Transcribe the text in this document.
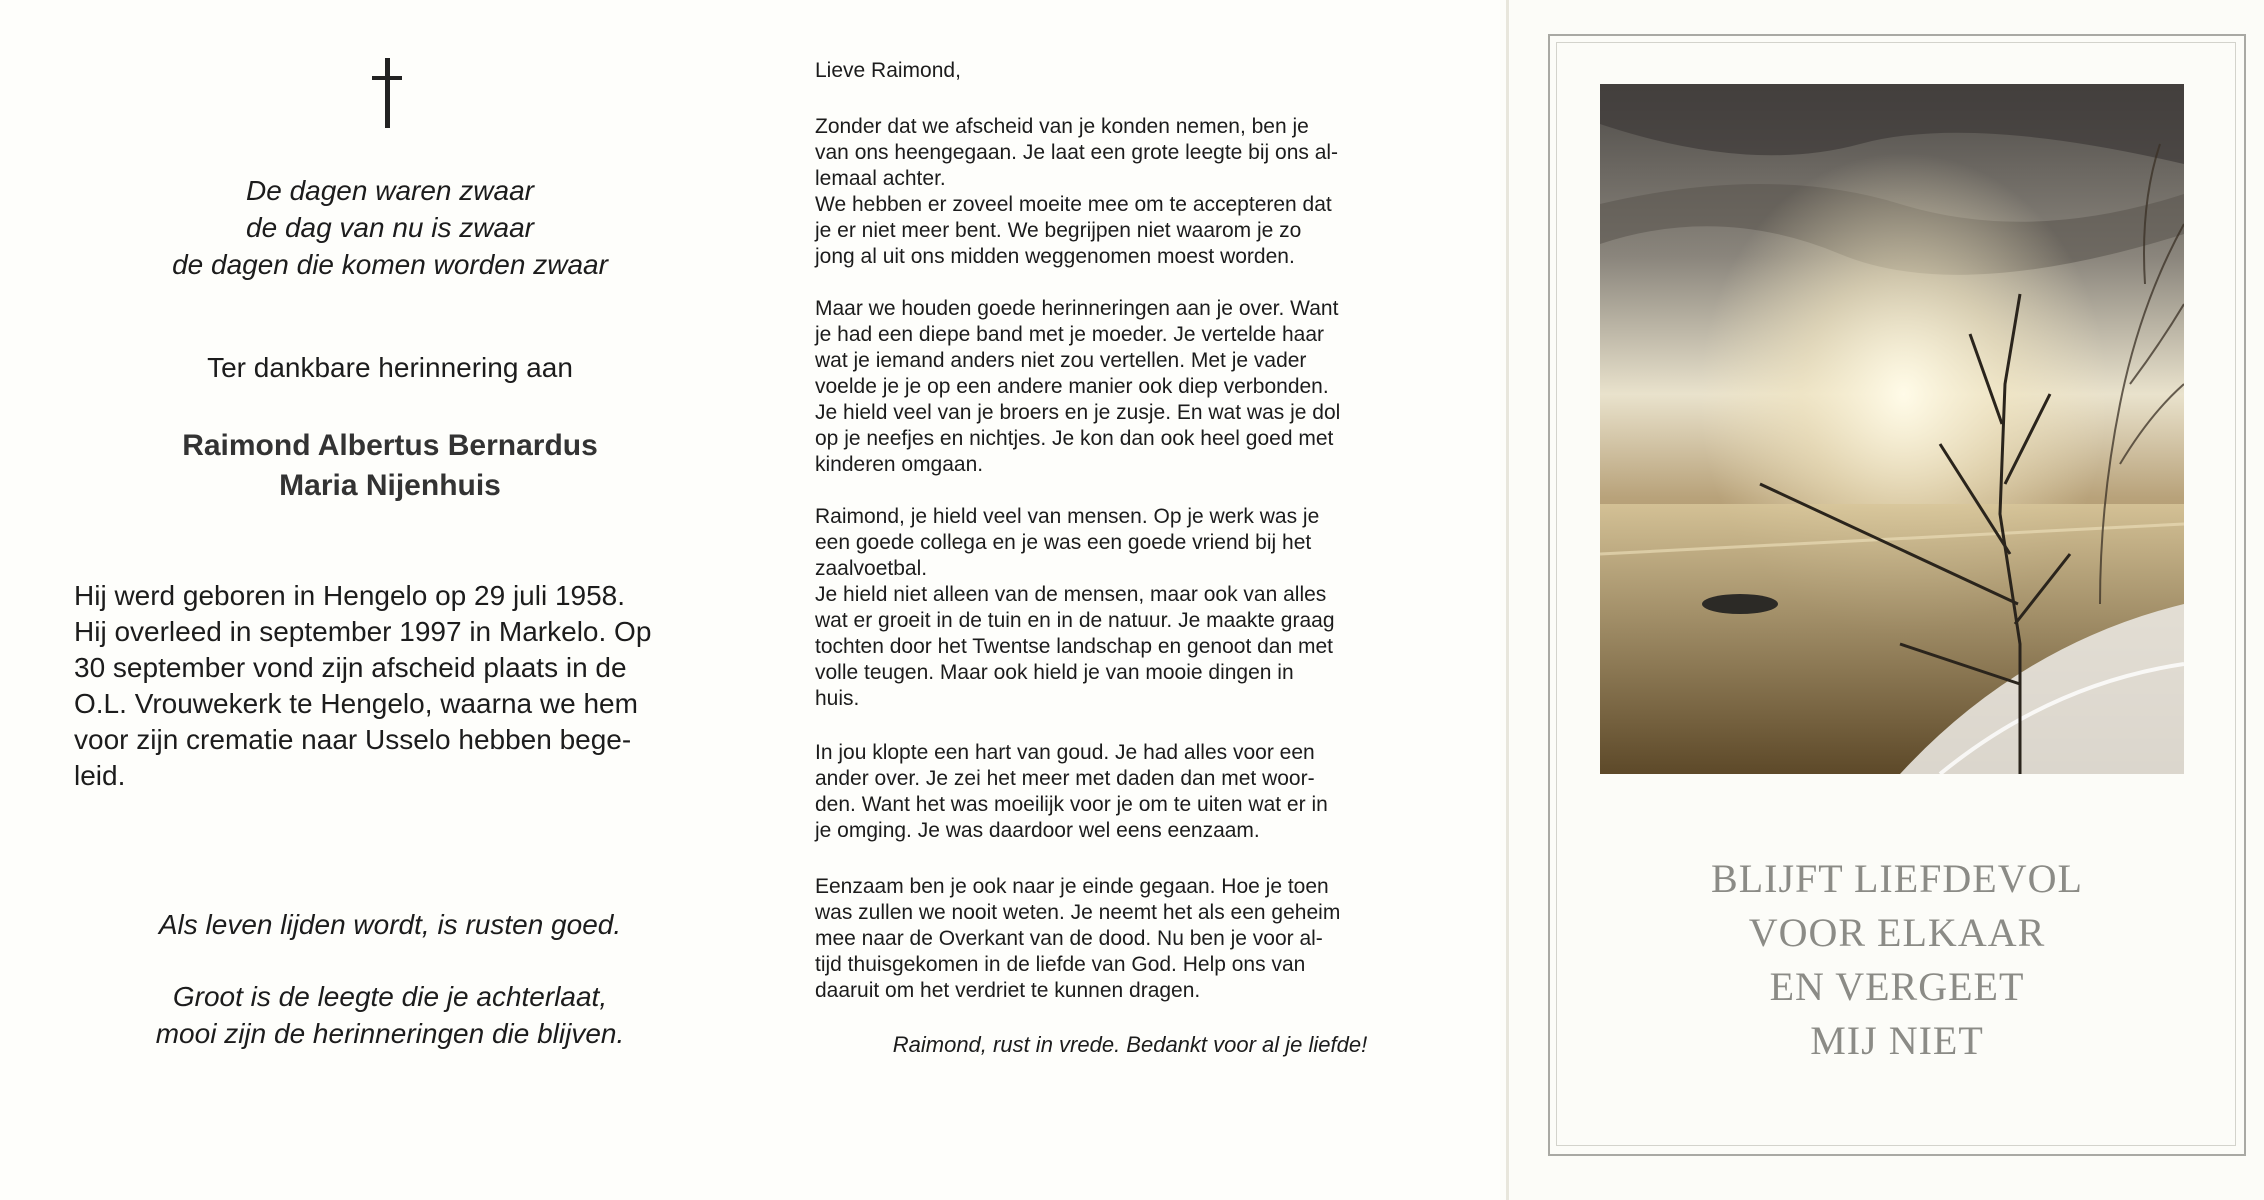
De dagen waren zwaar
de dag van nu is zwaar
de dagen die komen worden zwaar
Ter dankbare herinnering aan
Raimond Albertus Bernardus
Maria Nijenhuis
Hij werd geboren in Hengelo op 29 juli 1958.
Hij overleed in september 1997 in Markelo. Op
30 september vond zijn afscheid plaats in de
O.L. Vrouwekerk te Hengelo, waarna we hem
voor zijn crematie naar Usselo hebben bege-
leid.
Als leven lijden wordt, is rusten goed.
Groot is de leegte die je achterlaat,
mooi zijn de herinneringen die blijven.
Lieve Raimond,
Zonder dat we afscheid van je konden nemen, ben je
van ons heengegaan. Je laat een grote leegte bij ons al-
lemaal achter.
We hebben er zoveel moeite mee om te accepteren dat
je er niet meer bent. We begrijpen niet waarom je zo
jong al uit ons midden weggenomen moest worden.
Maar we houden goede herinneringen aan je over. Want
je had een diepe band met je moeder. Je vertelde haar
wat je iemand anders niet zou vertellen. Met je vader
voelde je je op een andere manier ook diep verbonden.
Je hield veel van je broers en je zusje. En wat was je dol
op je neefjes en nichtjes. Je kon dan ook heel goed met
kinderen omgaan.
Raimond, je hield veel van mensen. Op je werk was je
een goede collega en je was een goede vriend bij het
zaalvoetbal.
Je hield niet alleen van de mensen, maar ook van alles
wat er groeit in de tuin en in de natuur. Je maakte graag
tochten door het Twentse landschap en genoot dan met
volle teugen. Maar ook hield je van mooie dingen in
huis.
In jou klopte een hart van goud. Je had alles voor een
ander over. Je zei het meer met daden dan met woor-
den. Want het was moeilijk voor je om te uiten wat er in
je omging. Je was daardoor wel eens eenzaam.
Eenzaam ben je ook naar je einde gegaan. Hoe je toen
was zullen we nooit weten. Je neemt het als een geheim
mee naar de Overkant van de dood. Nu ben je voor al-
tijd thuisgekomen in de liefde van God. Help ons van
daaruit om het verdriet te kunnen dragen.
Raimond, rust in vrede. Bedankt voor al je liefde!
BLIJFT LIEFDEVOL
VOOR ELKAAR
EN VERGEET
MIJ NIET
